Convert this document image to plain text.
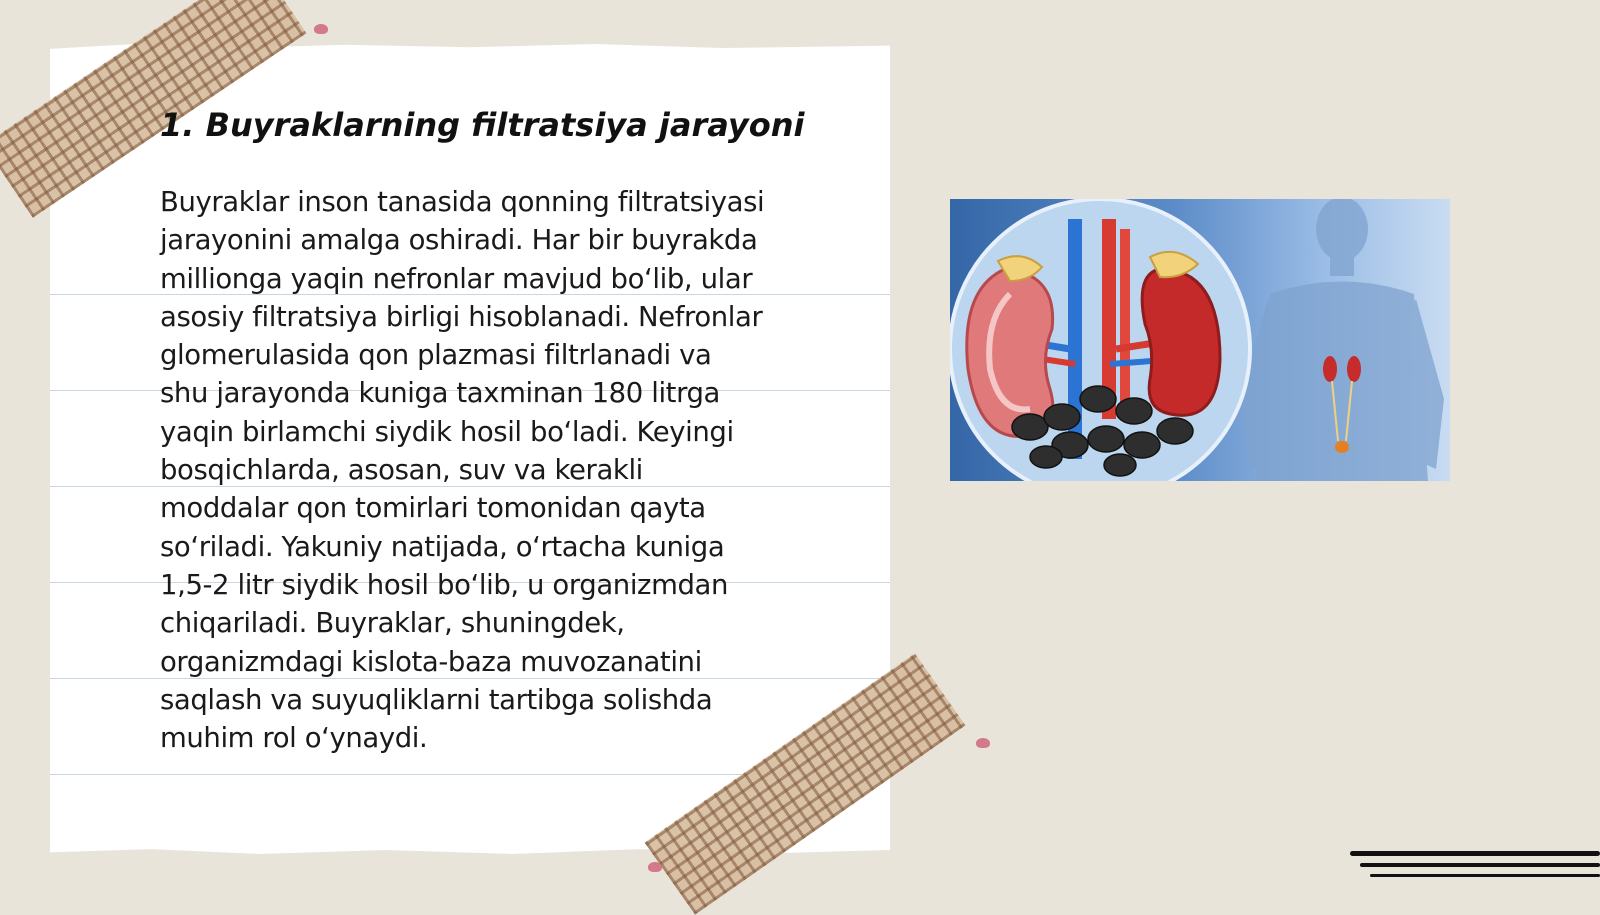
1. Buyraklarning filtratsiya jarayoni
Buyraklar inson tanasida qonning filtratsiyasi
jarayonini amalga oshiradi. Har bir buyrakda
millionga yaqin nefronlar mavjud bo‘lib, ular
asosiy filtratsiya birligi hisoblanadi. Nefronlar
glomerulasida qon plazmasi filtrlanadi va
shu jarayonda kuniga taxminan 180 litrga
yaqin birlamchi siydik hosil bo‘ladi. Keyingi
bosqichlarda, asosan, suv va kerakli
moddalar qon tomirlari tomonidan qayta
so‘riladi. Yakuniy natijada, o‘rtacha kuniga
1,5-2 litr siydik hosil bo‘lib, u organizmdan
chiqariladi. Buyraklar, shuningdek,
organizmdagi kislota-baza muvozanatini
saqlash va suyuqliklarni tartibga solishda
muhim rol o‘ynaydi.
